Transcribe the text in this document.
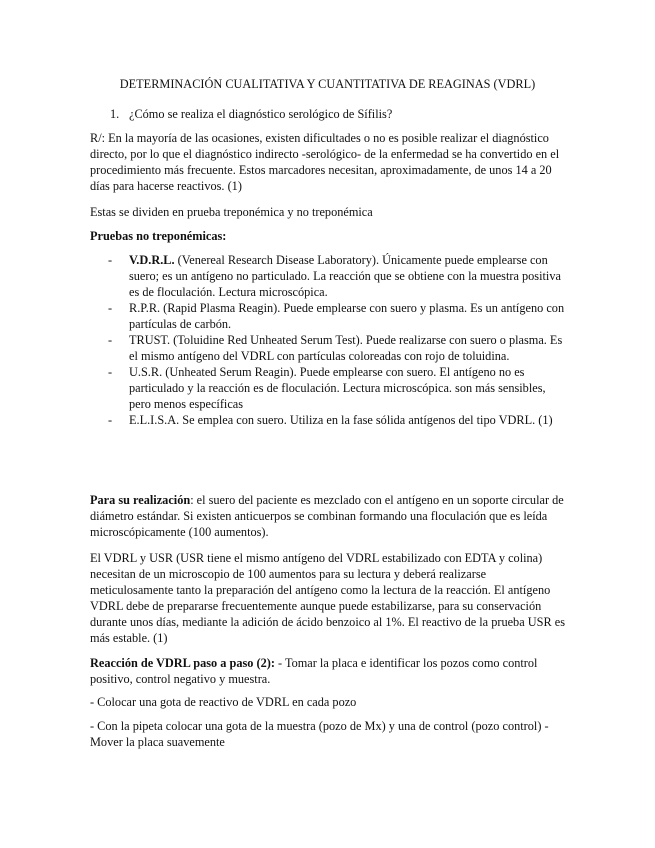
DETERMINACIÓN CUALITATIVA Y CUANTITATIVA DE REAGINAS (VDRL)
1. ¿Cómo se realiza el diagnóstico serológico de Sífilis?

R/: En la mayoría de las ocasiones, existen dificultades o no es posible realizar el diagnóstico directo, por lo que el diagnóstico indirecto -serológico- de la enfermedad se ha convertido en el procedimiento más frecuente. Estos marcadores necesitan, aproximadamente, de unos 14 a 20 días para hacerse reactivos. (1)

Estas se dividen en prueba treponémica y no treponémica

Pruebas no treponémicas:

- V.D.R.L. (Venereal Research Disease Laboratory). Únicamente puede emplearse con suero; es un antígeno no particulado. La reacción que se obtiene con la muestra positiva es de floculación. Lectura microscópica.
- R.P.R. (Rapid Plasma Reagin). Puede emplearse con suero y plasma. Es un antígeno con partículas de carbón.
- TRUST. (Toluidine Red Unheated Serum Test). Puede realizarse con suero o plasma. Es el mismo antígeno del VDRL con partículas coloreadas con rojo de toluidina.
- U.S.R. (Unheated Serum Reagin). Puede emplearse con suero. El antígeno no es particulado y la reacción es de floculación. Lectura microscópica. son más sensibles, pero menos específicas
- E.L.I.S.A. Se emplea con suero. Utiliza en la fase sólida antígenos del tipo VDRL. (1)

Para su realización: el suero del paciente es mezclado con el antígeno en un soporte circular de diámetro estándar. Si existen anticuerpos se combinan formando una floculación que es leída microscópicamente (100 aumentos).

El VDRL y USR (USR tiene el mismo antígeno del VDRL estabilizado con EDTA y colina) necesitan de un microscopio de 100 aumentos para su lectura y deberá realizarse meticulosamente tanto la preparación del antígeno como la lectura de la reacción. El antígeno VDRL debe de prepararse frecuentemente aunque puede estabilizarse, para su conservación durante unos días, mediante la adición de ácido benzoico al 1%. El reactivo de la prueba USR es más estable. (1)

Reacción de VDRL paso a paso (2): - Tomar la placa e identificar los pozos como control positivo, control negativo y muestra.

- Colocar una gota de reactivo de VDRL en cada pozo

- Con la pipeta colocar una gota de la muestra (pozo de Mx) y una de control (pozo control) - Mover la placa suavemente
